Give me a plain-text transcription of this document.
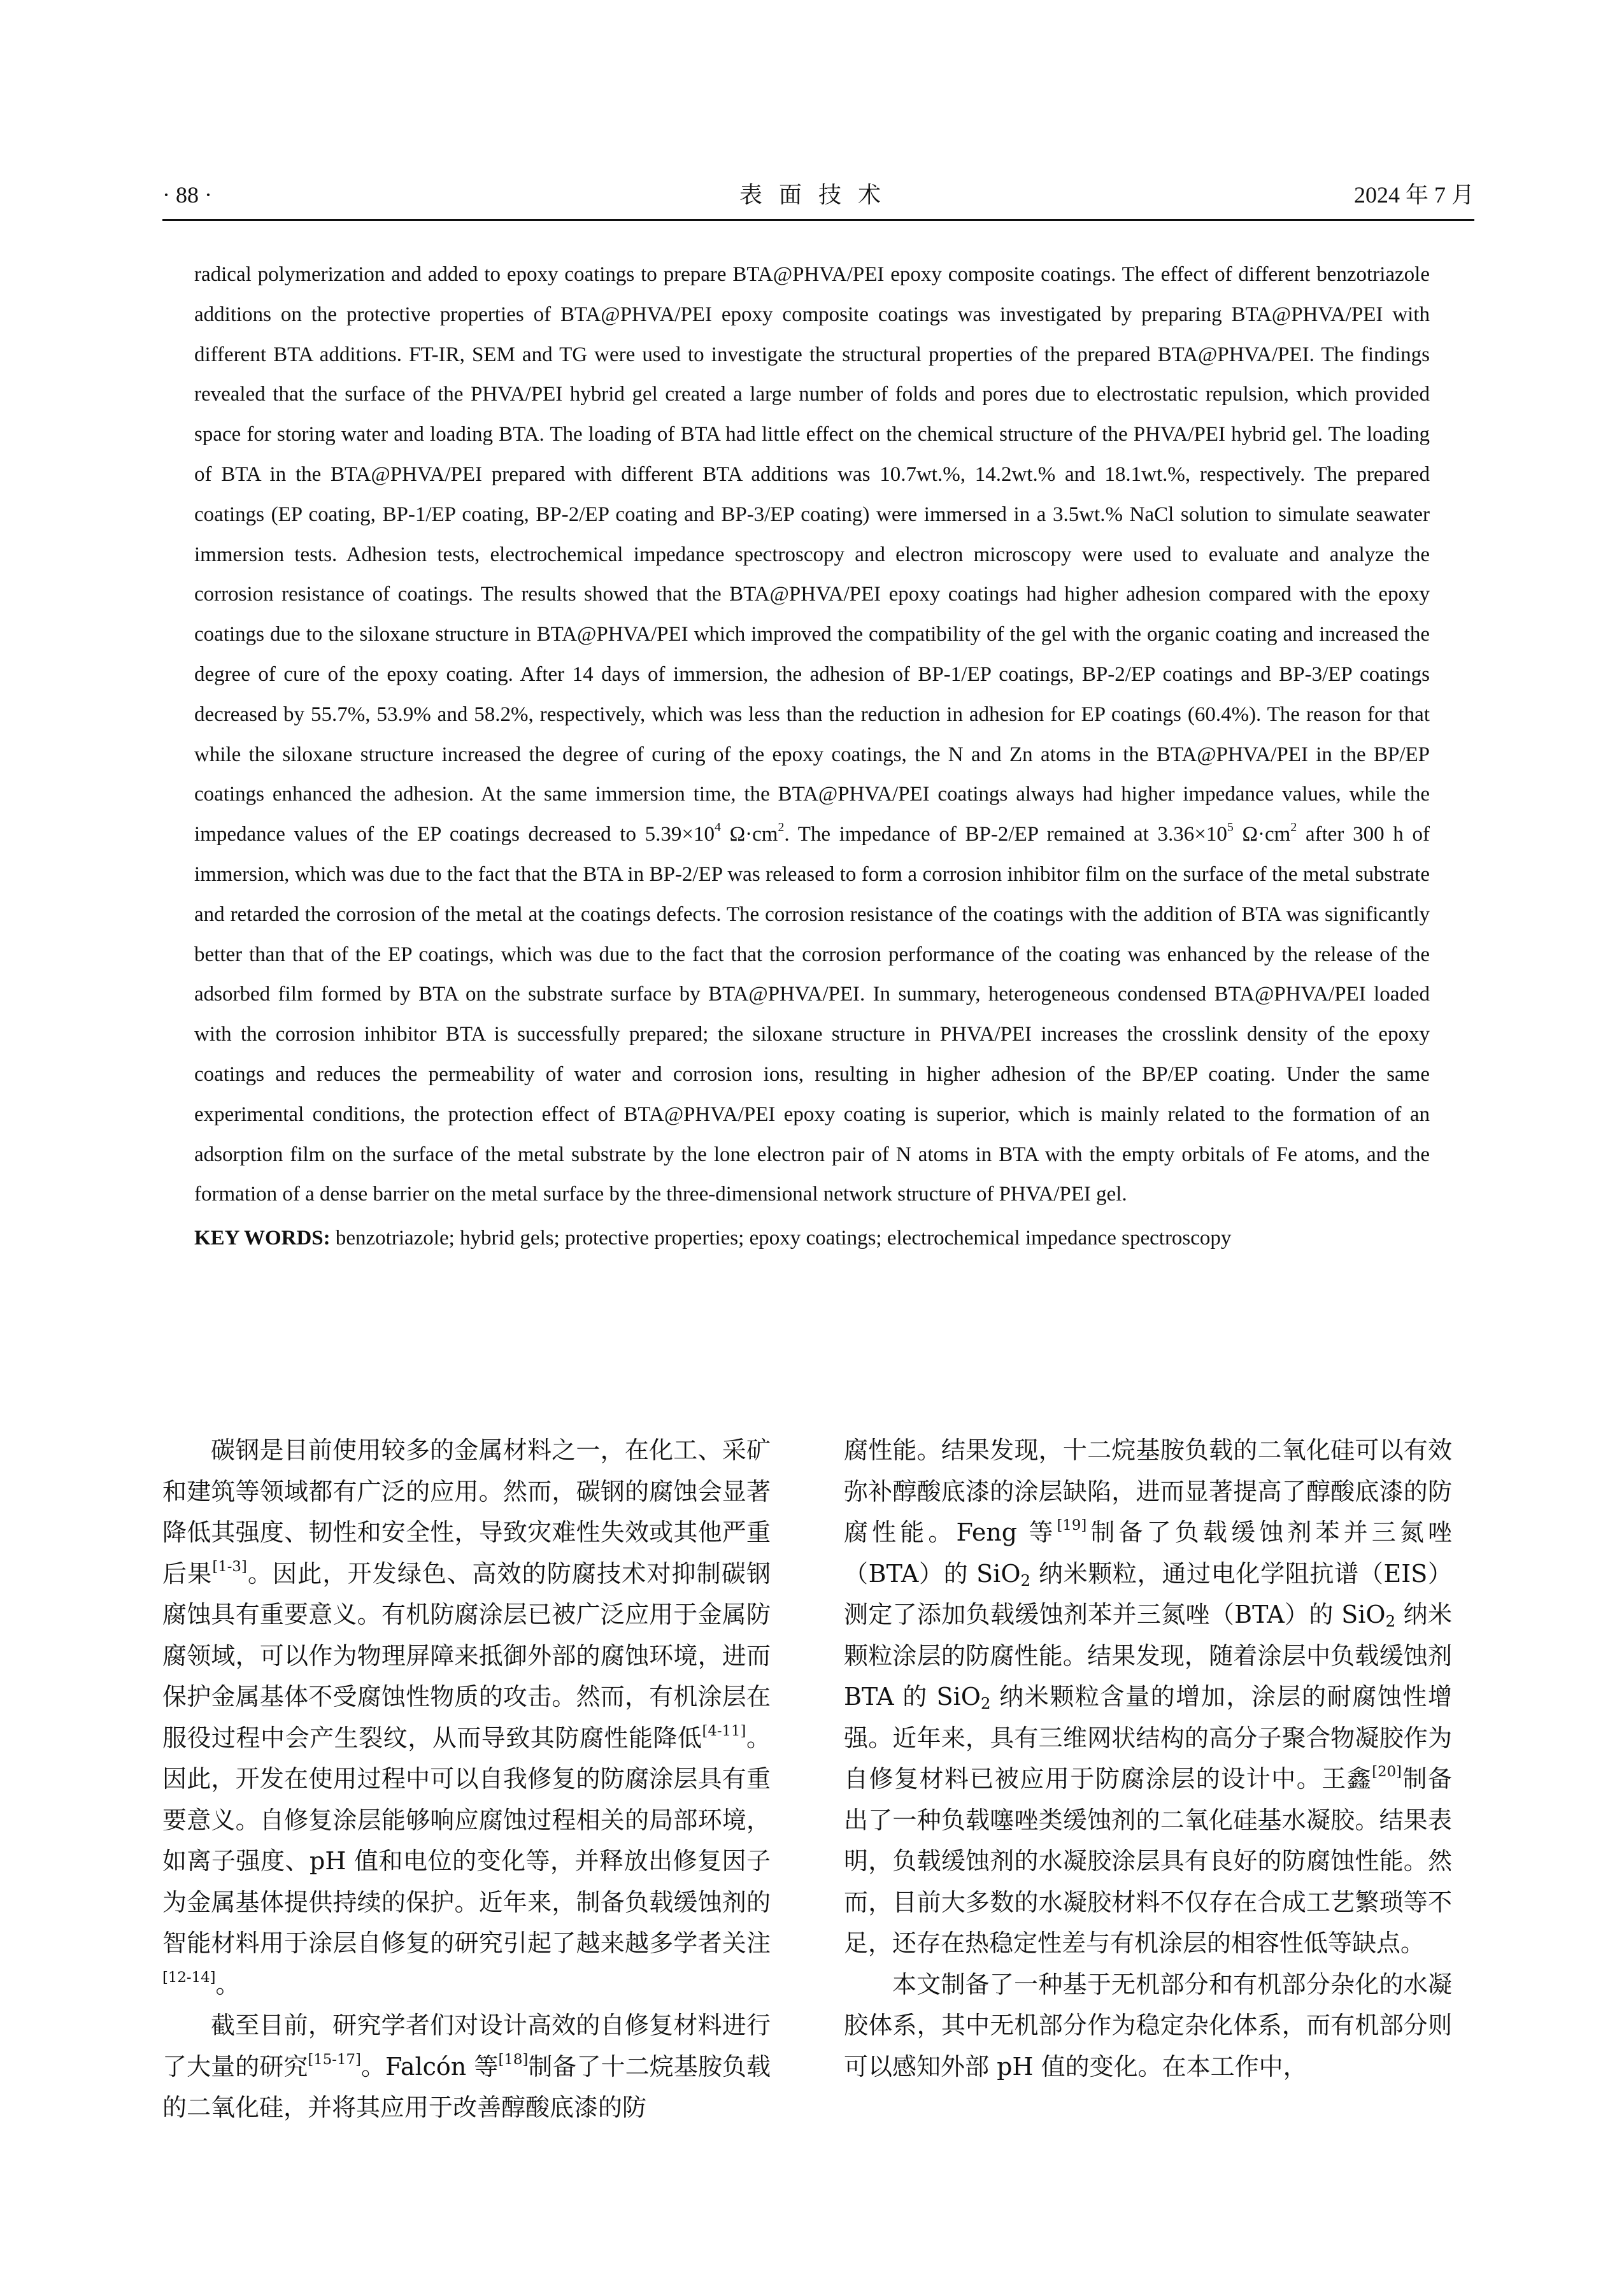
· 88 ·	表面技术	2024 年 7 月

radical polymerization and added to epoxy coatings to prepare BTA@PHVA/PEI epoxy composite coatings. The effect of different benzotriazole additions on the protective properties of BTA@PHVA/PEI epoxy composite coatings was investigated by preparing BTA@PHVA/PEI with different BTA additions. FT-IR, SEM and TG were used to investigate the structural properties of the prepared BTA@PHVA/PEI. The findings revealed that the surface of the PHVA/PEI hybrid gel created a large number of folds and pores due to electrostatic repulsion, which provided space for storing water and loading BTA. The loading of BTA had little effect on the chemical structure of the PHVA/PEI hybrid gel. The loading of BTA in the BTA@PHVA/PEI prepared with different BTA additions was 10.7wt.%, 14.2wt.% and 18.1wt.%, respectively. The prepared coatings (EP coating, BP-1/EP coating, BP-2/EP coating and BP-3/EP coating) were immersed in a 3.5wt.% NaCl solution to simulate seawater immersion tests. Adhesion tests, electrochemical impedance spectroscopy and electron microscopy were used to evaluate and analyze the corrosion resistance of coatings. The results showed that the BTA@PHVA/PEI epoxy coatings had higher adhesion compared with the epoxy coatings due to the siloxane structure in BTA@PHVA/PEI which improved the compatibility of the gel with the organic coating and increased the degree of cure of the epoxy coating. After 14 days of immersion, the adhesion of BP-1/EP coatings, BP-2/EP coatings and BP-3/EP coatings decreased by 55.7%, 53.9% and 58.2%, respectively, which was less than the reduction in adhesion for EP coatings (60.4%). The reason for that while the siloxane structure increased the degree of curing of the epoxy coatings, the N and Zn atoms in the BTA@PHVA/PEI in the BP/EP coatings enhanced the adhesion. At the same immersion time, the BTA@PHVA/PEI coatings always had higher impedance values, while the impedance values of the EP coatings decreased to $5.39\times 10^4$ $\Omega\cdot cm^2$. The impedance of BP-2/EP remained at $3.36\times 10^5$ $\Omega\cdot cm^2$ after 300 h of immersion, which was due to the fact that the BTA in BP-2/EP was released to form a corrosion inhibitor film on the surface of the metal substrate and retarded the corrosion of the metal at the coatings defects. The corrosion resistance of the coatings with the addition of BTA was significantly better than that of the EP coatings, which was due to the fact that the corrosion performance of the coating was enhanced by the release of the adsorbed film formed by BTA on the substrate surface by BTA@PHVA/PEI. In summary, heterogeneous condensed BTA@PHVA/PEI loaded with the corrosion inhibitor BTA is successfully prepared; the siloxane structure in PHVA/PEI increases the crosslink density of the epoxy coatings and reduces the permeability of water and corrosion ions, resulting in higher adhesion of the BP/EP coating. Under the same experimental conditions, the protection effect of BTA@PHVA/PEI epoxy coating is superior, which is mainly related to the formation of an adsorption film on the surface of the metal substrate by the lone electron pair of N atoms in BTA with the empty orbitals of Fe atoms, and the formation of a dense barrier on the metal surface by the three-dimensional network structure of PHVA/PEI gel.

KEY WORDS: benzotriazole; hybrid gels; protective properties; epoxy coatings; electrochemical impedance spectroscopy

碳钢是目前使用较多的金属材料之一，在化工、采矿和建筑等领域都有广泛的应用。然而，碳钢的腐蚀会显著降低其强度、韧性和安全性，导致灾难性失效或其他严重后果[1-3]。因此，开发绿色、高效的防腐技术对抑制碳钢腐蚀具有重要意义。有机防腐涂层已被广泛应用于金属防腐领域，可以作为物理屏障来抵御外部的腐蚀环境，进而保护金属基体不受腐蚀性物质的攻击。然而，有机涂层在服役过程中会产生裂纹，从而导致其防腐性能降低[4-11]。因此，开发在使用过程中可以自我修复的防腐涂层具有重要意义。自修复涂层能够响应腐蚀过程相关的局部环境，如离子强度、pH 值和电位的变化等，并释放出修复因子为金属基体提供持续的保护。近年来，制备负载缓蚀剂的智能材料用于涂层自修复的研究引起了越来越多学者关注[12-14]。

截至目前，研究学者们对设计高效的自修复材料进行了大量的研究[15-17]。Falcón 等[18]制备了十二烷基胺负载的二氧化硅，并将其应用于改善醇酸底漆的防

腐性能。结果发现，十二烷基胺负载的二氧化硅可以有效弥补醇酸底漆的涂层缺陷，进而显著提高了醇酸底漆的防腐性能。Feng 等[19]制备了负载缓蚀剂苯并三氮唑（BTA）的 SiO$_2$ 纳米颗粒，通过电化学阻抗谱（EIS）测定了添加负载缓蚀剂苯并三氮唑（BTA）的 SiO$_2$ 纳米颗粒涂层的防腐性能。结果发现，随着涂层中负载缓蚀剂 BTA 的 SiO$_2$ 纳米颗粒含量的增加，涂层的耐腐蚀性增强。近年来，具有三维网状结构的高分子聚合物凝胶作为自修复材料已被应用于防腐涂层的设计中。王鑫[20]制备出了一种负载噻唑类缓蚀剂的二氧化硅基水凝胶。结果表明，负载缓蚀剂的水凝胶涂层具有良好的防腐蚀性能。然而，目前大多数的水凝胶材料不仅存在合成工艺繁琐等不足，还存在热稳定性差与有机涂层的相容性低等缺点。

本文制备了一种基于无机部分和有机部分杂化的水凝胶体系，其中无机部分作为稳定杂化体系，而有机部分则可以感知外部 pH 值的变化。在本工作中，
